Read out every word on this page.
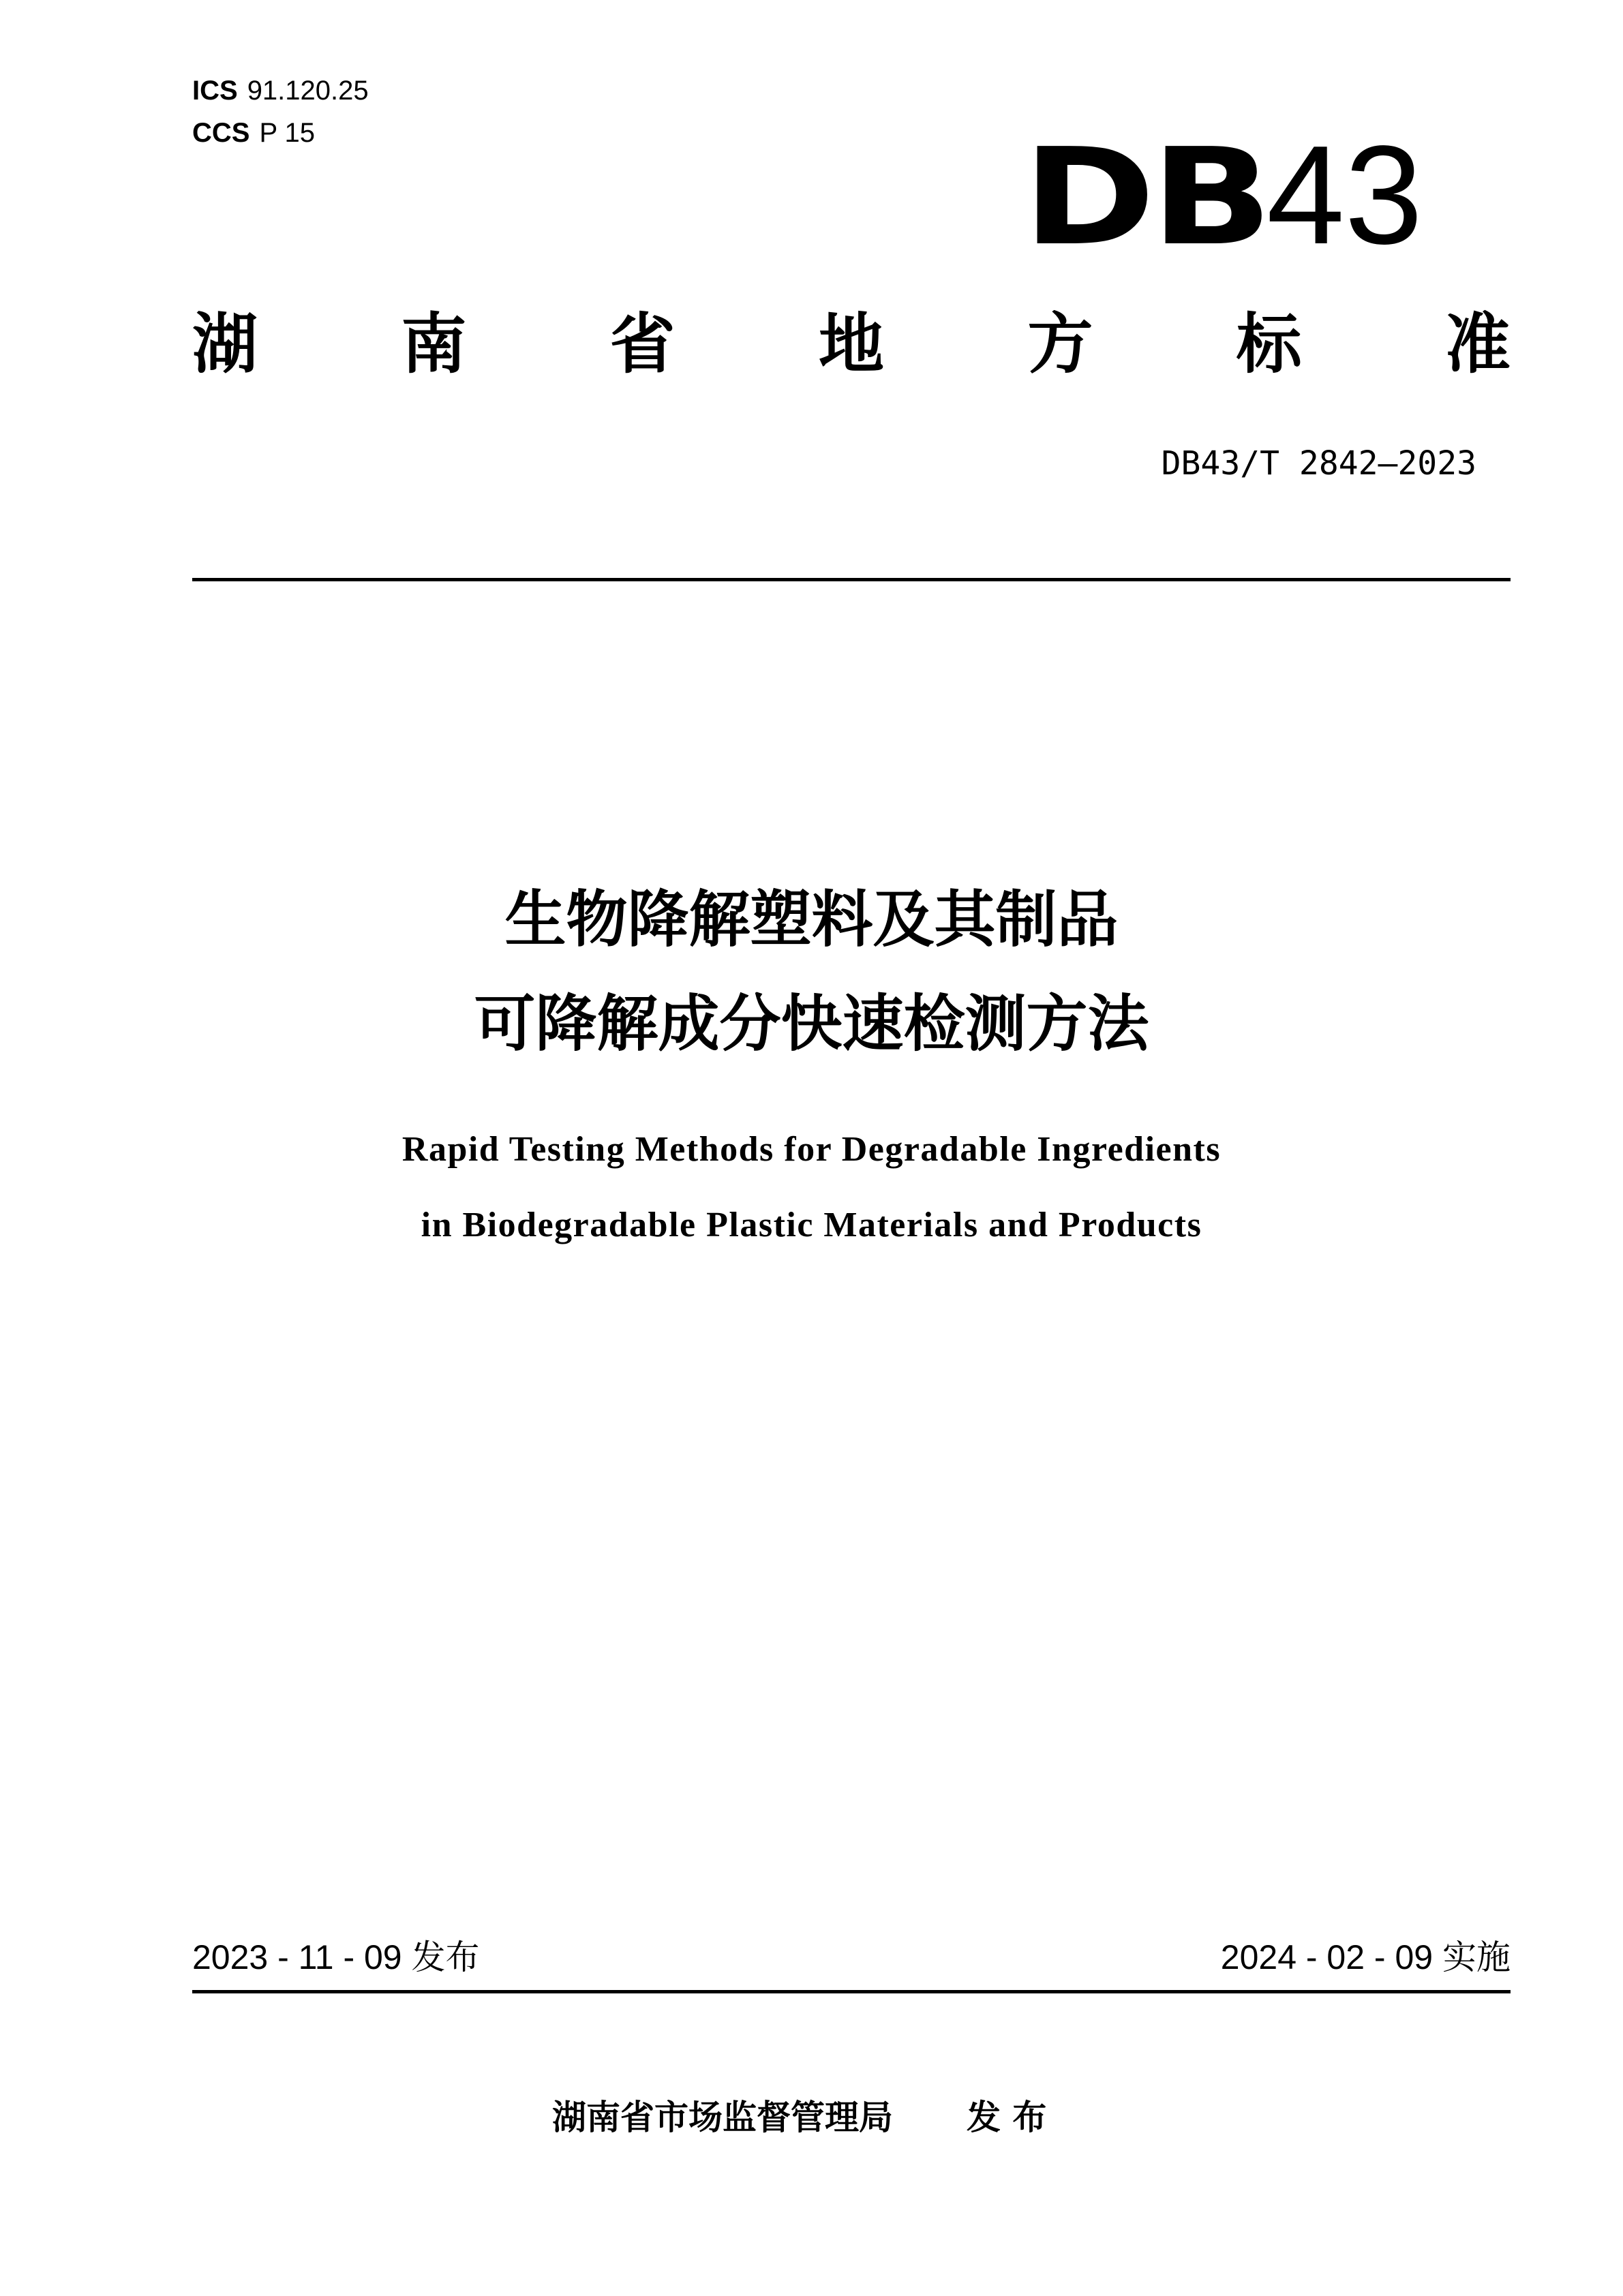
ICS 91.120.25
CCS P 15	DB43
湖 南 省 地 方 标 准
DB43/T 2842—2023
生物降解塑料及其制品
可降解成分快速检测方法
Rapid Testing Methods for Degradable Ingredients
in Biodegradable Plastic Materials and Products
2023 - 11 - 09 发布	2024 - 02 - 09 实施
湖南省市场监督管理局 发 布
